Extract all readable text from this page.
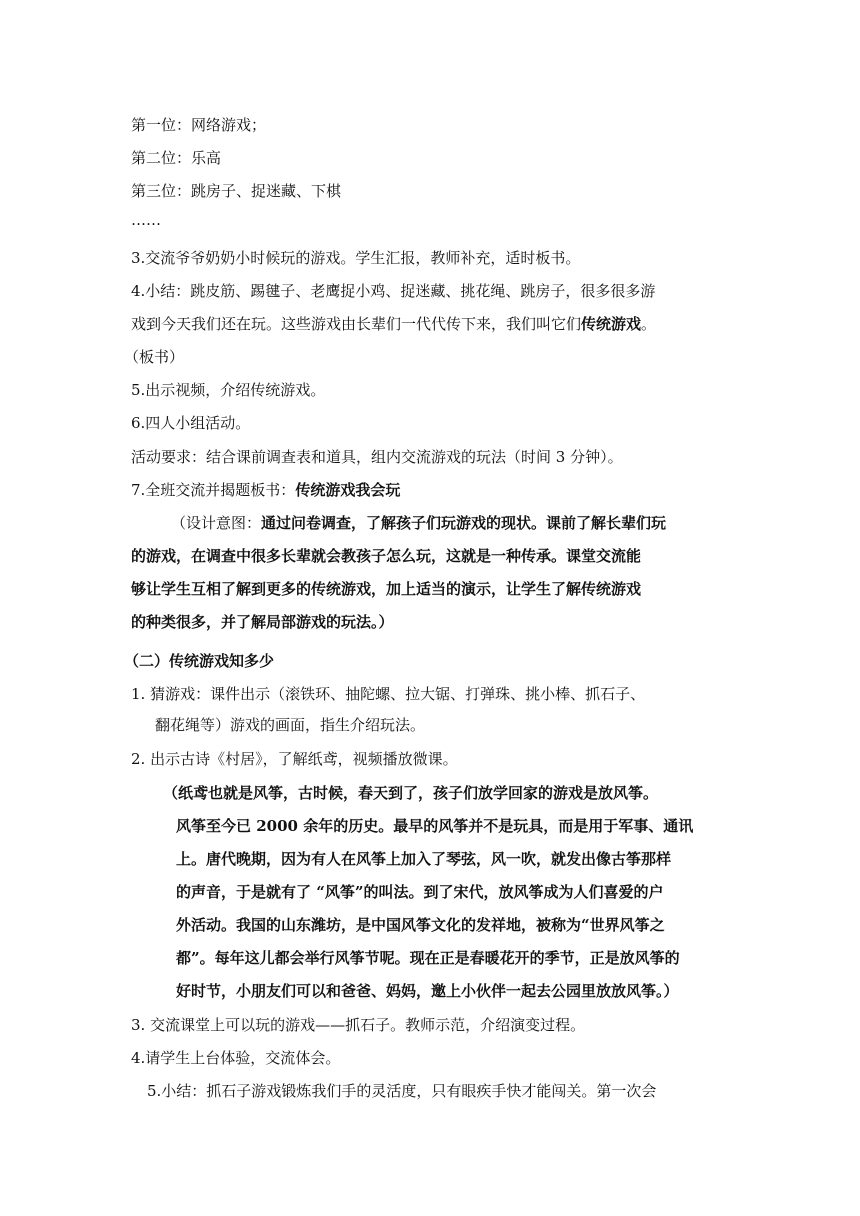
第一位：网络游戏；
第二位：乐高
第三位：跳房子、捉迷藏、下棋
……
3.交流爷爷奶奶小时候玩的游戏。学生汇报，教师补充，适时板书。
4.小结：跳皮筋、踢毽子、老鹰捉小鸡、捉迷藏、挑花绳、跳房子，很多很多游
戏到今天我们还在玩。这些游戏由长辈们一代代传下来，我们叫它们传统游戏。
（板书）
5.出示视频，介绍传统游戏。
6.四人小组活动。
活动要求：结合课前调查表和道具，组内交流游戏的玩法（时间 3 分钟）。
7.全班交流并揭题板书：传统游戏我会玩
（设计意图：通过问卷调查，了解孩子们玩游戏的现状。课前了解长辈们玩
的游戏，在调查中很多长辈就会教孩子怎么玩，这就是一种传承。课堂交流能
够让学生互相了解到更多的传统游戏，加上适当的演示，让学生了解传统游戏
的种类很多，并了解局部游戏的玩法。）
（二）传统游戏知多少
1. 猜游戏：课件出示（滚铁环、抽陀螺、拉大锯、打弹珠、挑小棒、抓石子、
翻花绳等）游戏的画面，指生介绍玩法。
2. 出示古诗《村居》，了解纸鸢，视频播放微课。
（纸鸢也就是风筝，古时候，春天到了，孩子们放学回家的游戏是放风筝。
风筝至今已 2000 余年的历史。最早的风筝并不是玩具，而是用于军事、通讯
上。唐代晚期，因为有人在风筝上加入了琴弦，风一吹，就发出像古筝那样
的声音，于是就有了 “风筝”的叫法。到了宋代，放风筝成为人们喜爱的户
外活动。我国的山东潍坊，是中国风筝文化的发祥地，被称为“世界风筝之
都”。每年这儿都会举行风筝节呢。现在正是春暖花开的季节，正是放风筝的
好时节，小朋友们可以和爸爸、妈妈，邀上小伙伴一起去公园里放放风筝。）
3. 交流课堂上可以玩的游戏——抓石子。教师示范，介绍演变过程。
4.请学生上台体验，交流体会。
5.小结：抓石子游戏锻炼我们手的灵活度，只有眼疾手快才能闯关。第一次会
